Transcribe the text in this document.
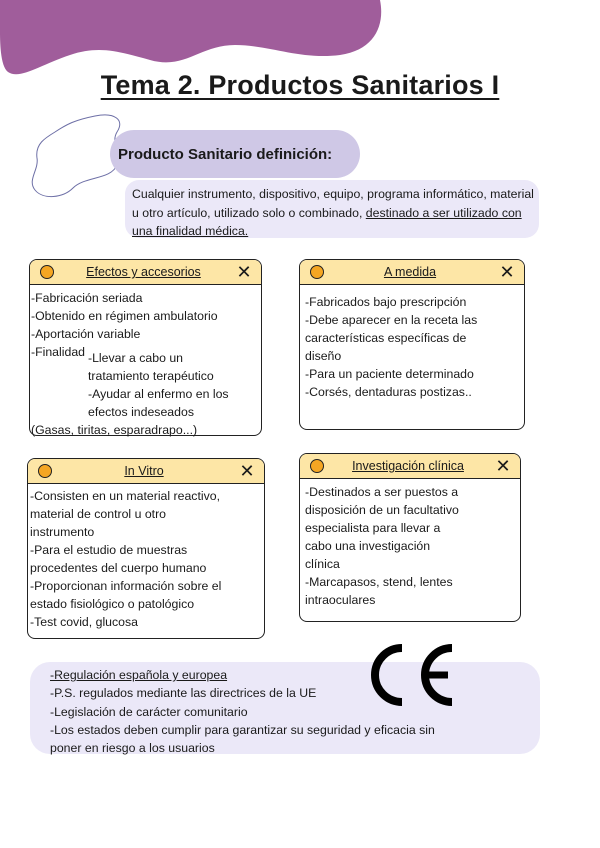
Tema 2. Productos Sanitarios I
Producto Sanitario definición:
Cualquier instrumento, dispositivo, equipo, programa informático, material u otro artículo, utilizado solo o combinado, destinado a ser utilizado con una finalidad médica.
Efectos y accesorios	✕
-Fabricación seriada
-Obtenido en régimen ambulatorio
-Aportación variable
-Finalidad -Llevar a cabo un
tratamiento terapéutico
-Ayudar al enfermo en los
efectos indeseados
(Gasas, tiritas, esparadrapo...)
A medida	✕
-Fabricados bajo prescripción
-Debe aparecer en la receta las
características específicas de
diseño
-Para un paciente determinado
-Corsés, dentaduras postizas..
In Vitro	✕
-Consisten en un material reactivo,
material de control u otro
instrumento
-Para el estudio de muestras
procedentes del cuerpo humano
-Proporcionan información sobre el
estado fisiológico o patológico
-Test covid, glucosa
Investigación clínica	✕
-Destinados a ser puestos a
disposición de un facultativo
especialista para llevar a
cabo una investigación
clínica
-Marcapasos, stend, lentes
intraoculares
-Regulación española y europea
-P.S. regulados mediante las directrices de la UE
-Legislación de carácter comunitario
-Los estados deben cumplir para garantizar su seguridad y eficacia sin
poner en riesgo a los usuarios
